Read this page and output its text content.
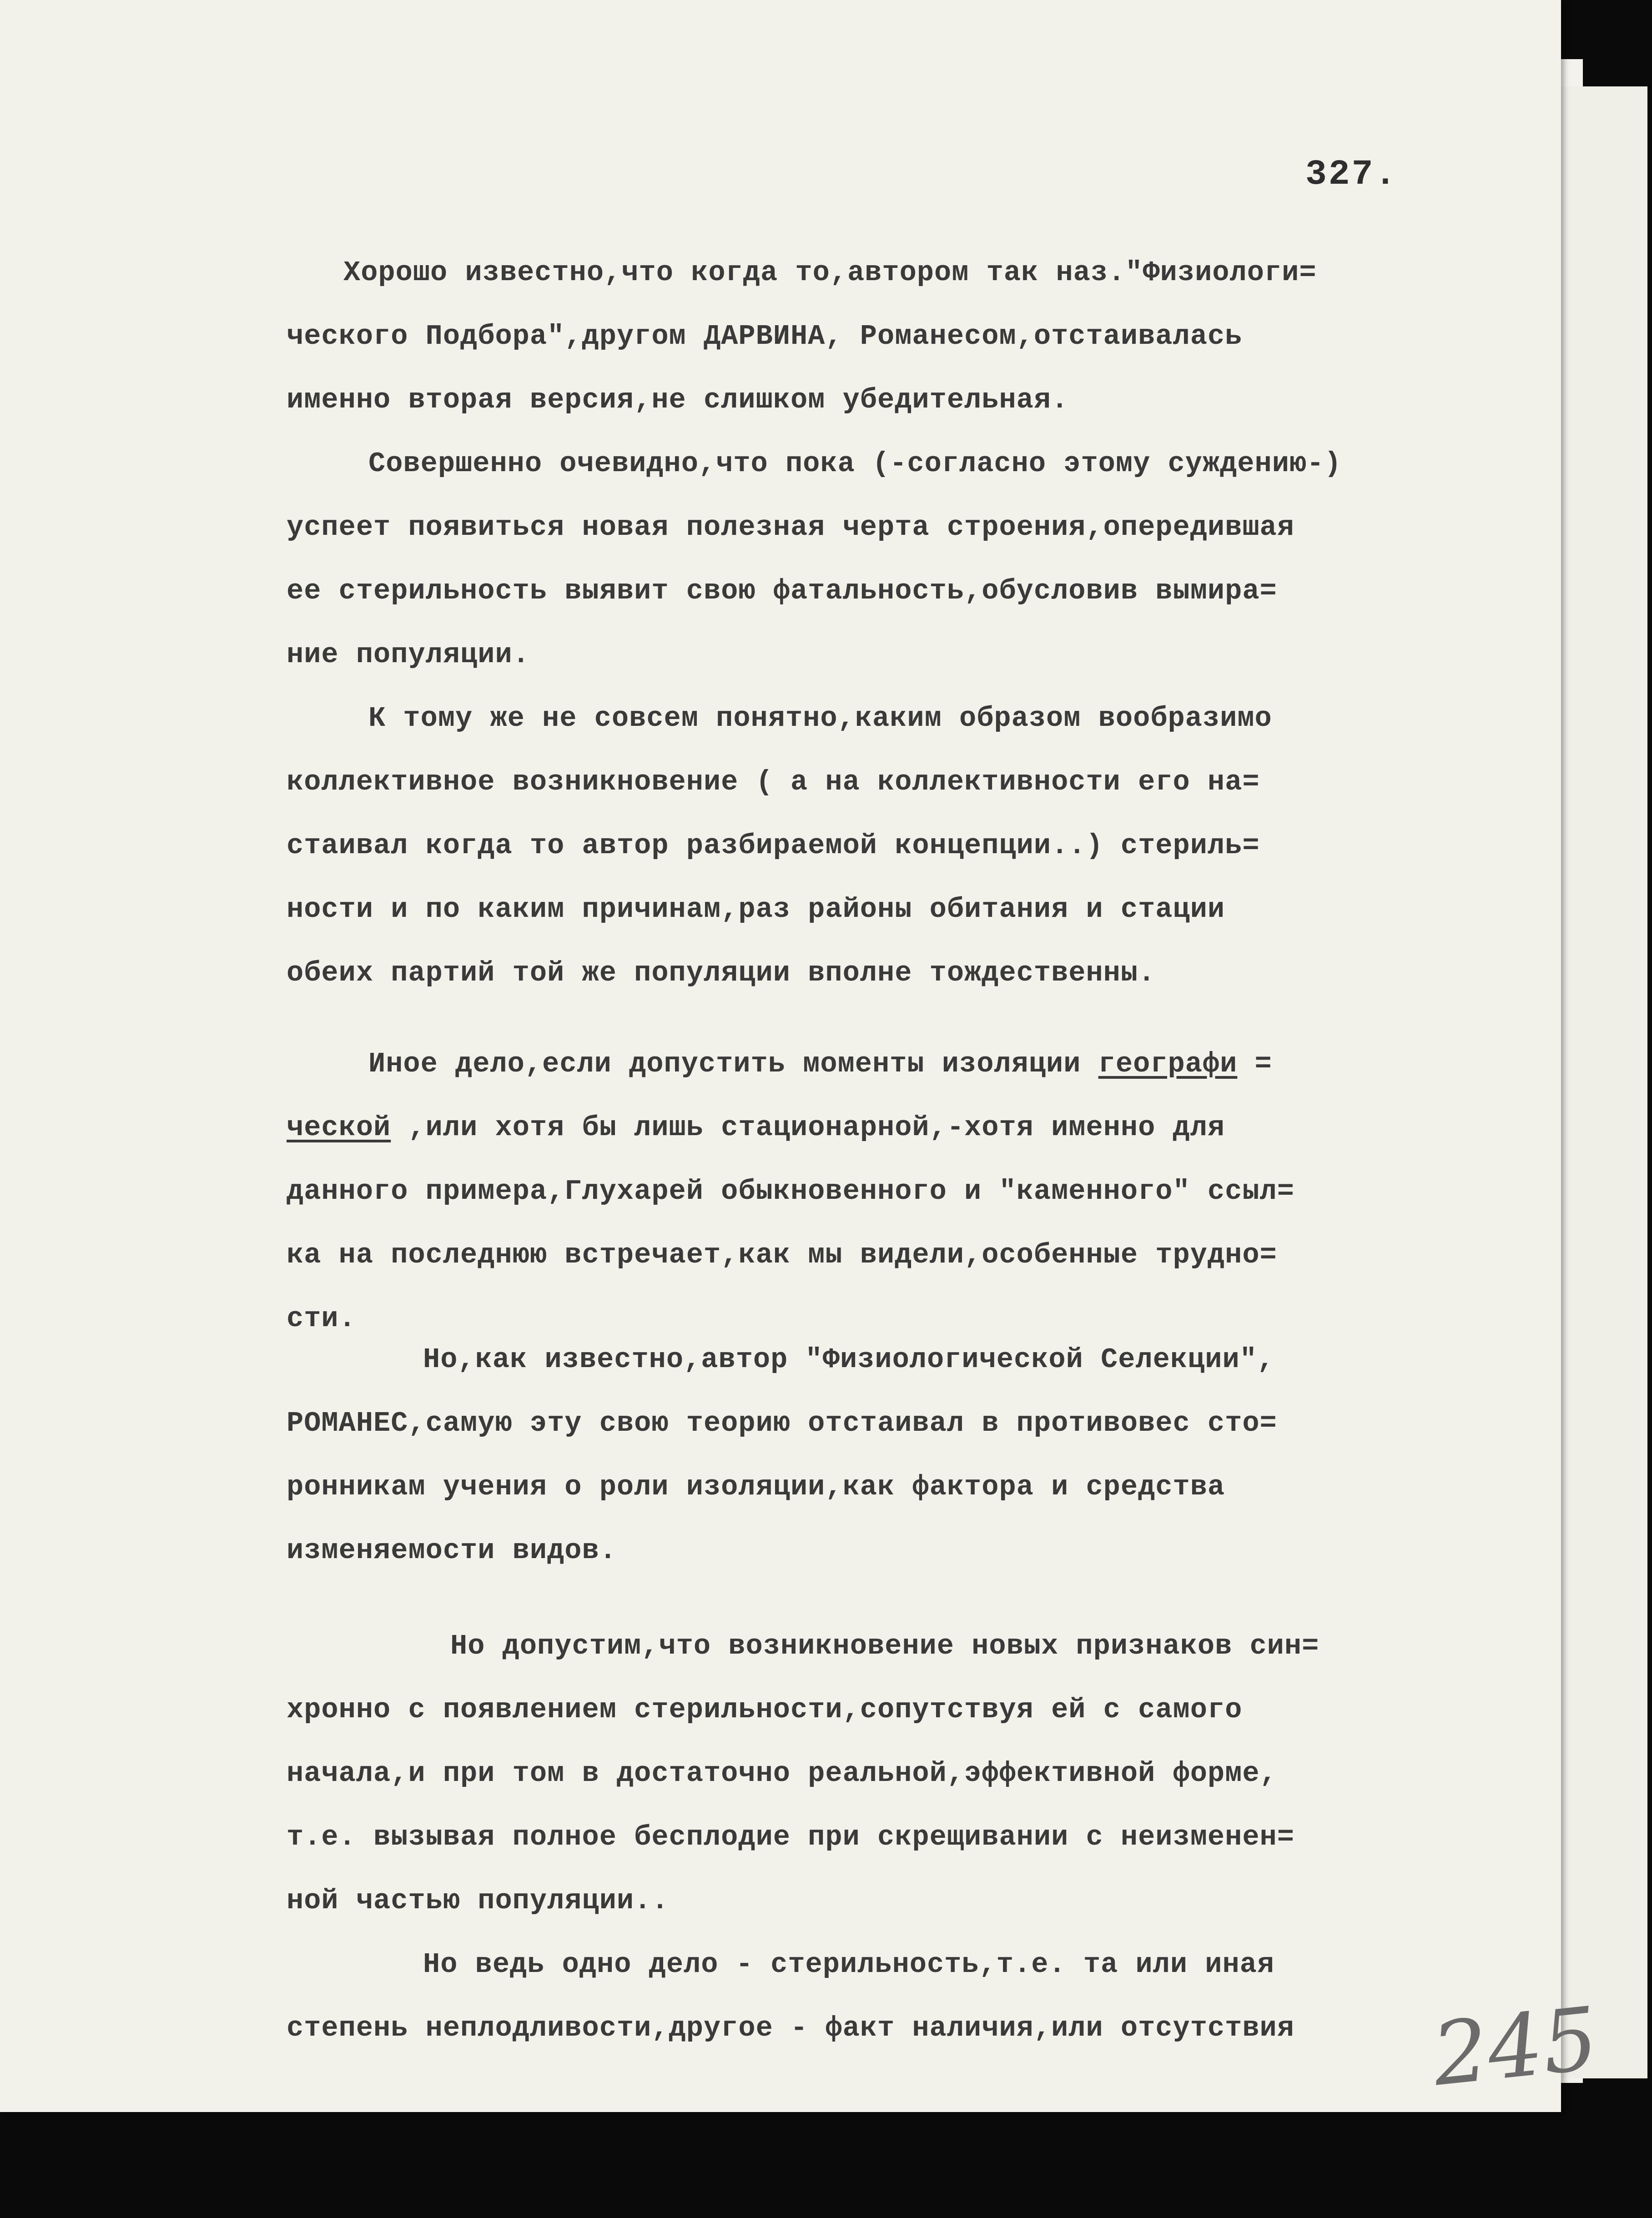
327.
Хорошо известно,что когда то,автором так наз."Физиологи=
ческого Подбора",другом ДАРВИНА, Романесом,отстаивалась
именно вторая версия,не слишком убедительная.
Совершенно очевидно,что пока (-согласно этому суждению-)
успеет появиться новая полезная черта строения,опередившая
ее стерильность выявит свою фатальность,обусловив вымира=
ние популяции.
К тому же не совсем понятно,каким образом вообразимо
коллективное возникновение ( а на коллективности его на=
стаивал когда то автор разбираемой концепции..) стериль=
ности и по каким причинам,раз районы обитания и стации
обеих партий той же популяции вполне тождественны.
Иное дело,если допустить моменты изоляции географи =
ческой ,или хотя бы лишь стационарной,-хотя именно для
данного примера,Глухарей обыкновенного и "каменного" ссыл=
ка на последнюю встречает,как мы видели,особенные трудно=
сти.
Но,как известно,автор "Физиологической Селекции",
РОМАНЕС,самую эту свою теорию отстаивал в противовес сто=
ронникам учения о роли изоляции,как фактора и средства
изменяемости видов.
Но допустим,что возникновение новых признаков син=
хронно с появлением стерильности,сопутствуя ей с самого
начала,и при том в достаточно реальной,эффективной форме,
т.е. вызывая полное бесплодие при скрещивании с неизменен=
ной частью популяции..
Но ведь одно дело - стерильность,т.е. та или иная
степень неплодливости,другое - факт наличия,или отсутствия 245
